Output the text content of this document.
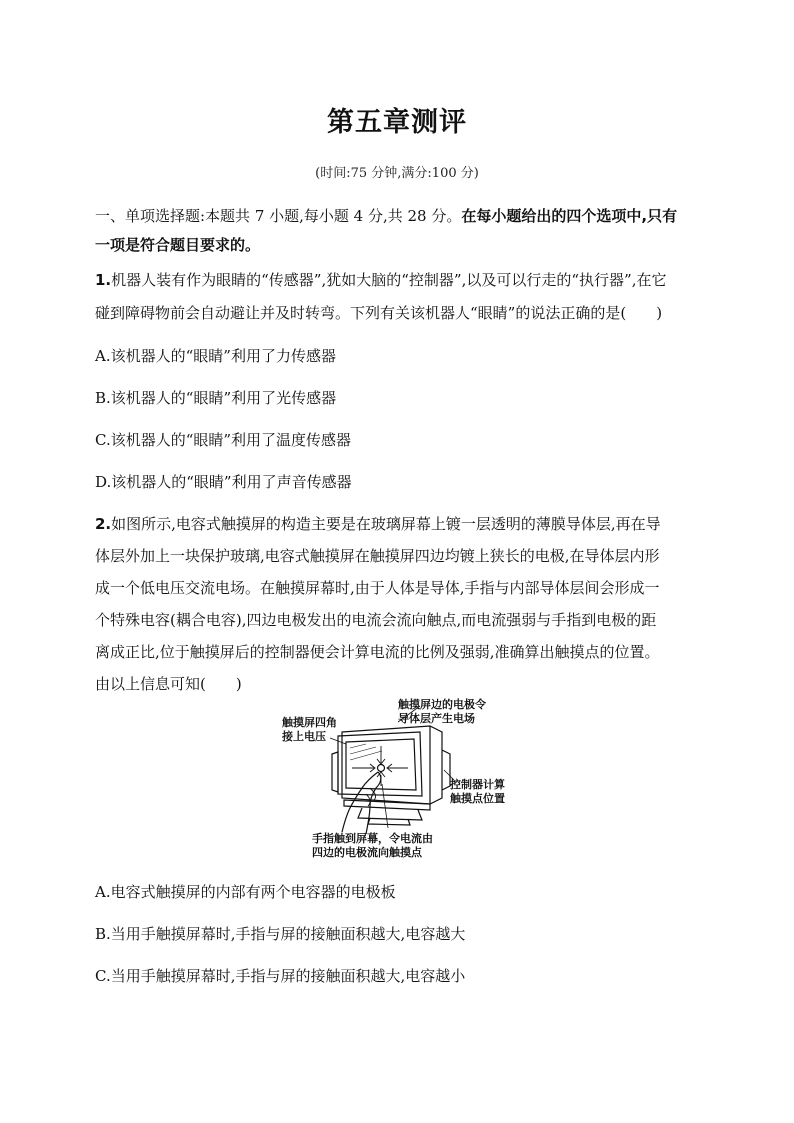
第五章测评
(时间:75 分钟,满分:100 分)
一、单项选择题:本题共 7 小题,每小题 4 分,共 28 分。在每小题给出的四个选项中,只有
一项是符合题目要求的。
1.机器人装有作为眼睛的“传感器”,犹如大脑的“控制器”,以及可以行走的“执行器”,在它
碰到障碍物前会自动避让并及时转弯。下列有关该机器人“眼睛”的说法正确的是(　　)
A.该机器人的“眼睛”利用了力传感器
B.该机器人的“眼睛”利用了光传感器
C.该机器人的“眼睛”利用了温度传感器
D.该机器人的“眼睛”利用了声音传感器
2.如图所示,电容式触摸屏的构造主要是在玻璃屏幕上镀一层透明的薄膜导体层,再在导
体层外加上一块保护玻璃,电容式触摸屏在触摸屏四边均镀上狭长的电极,在导体层内形
成一个低电压交流电场。在触摸屏幕时,由于人体是导体,手指与内部导体层间会形成一
个特殊电容(耦合电容),四边电极发出的电流会流向触点,而电流强弱与手指到电极的距
离成正比,位于触摸屏后的控制器便会计算电流的比例及强弱,准确算出触摸点的位置。
由以上信息可知(　　)
触摸屏边的电极令
导体层产生电场
触摸屏四角
接上电压
控制器计算
触摸点位置
手指触到屏幕，令电流由
四边的电极流向触摸点
A.电容式触摸屏的内部有两个电容器的电极板
B.当用手触摸屏幕时,手指与屏的接触面积越大,电容越大
C.当用手触摸屏幕时,手指与屏的接触面积越大,电容越小
